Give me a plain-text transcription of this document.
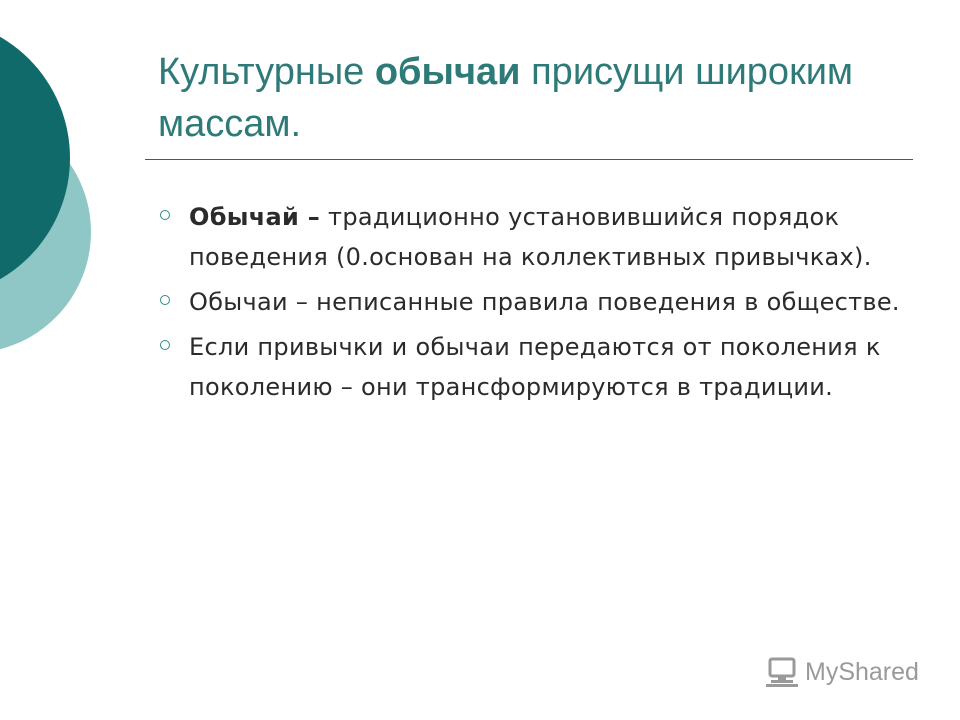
Культурные обычаи присущи широким массам.
Обычай – традиционно установившийся порядок поведения (0.основан на коллективных привычках).
Обычаи – неписанные правила поведения в обществе.
Если привычки и обычаи передаются от поколения к поколению – они трансформируются в традиции.
MyShared
